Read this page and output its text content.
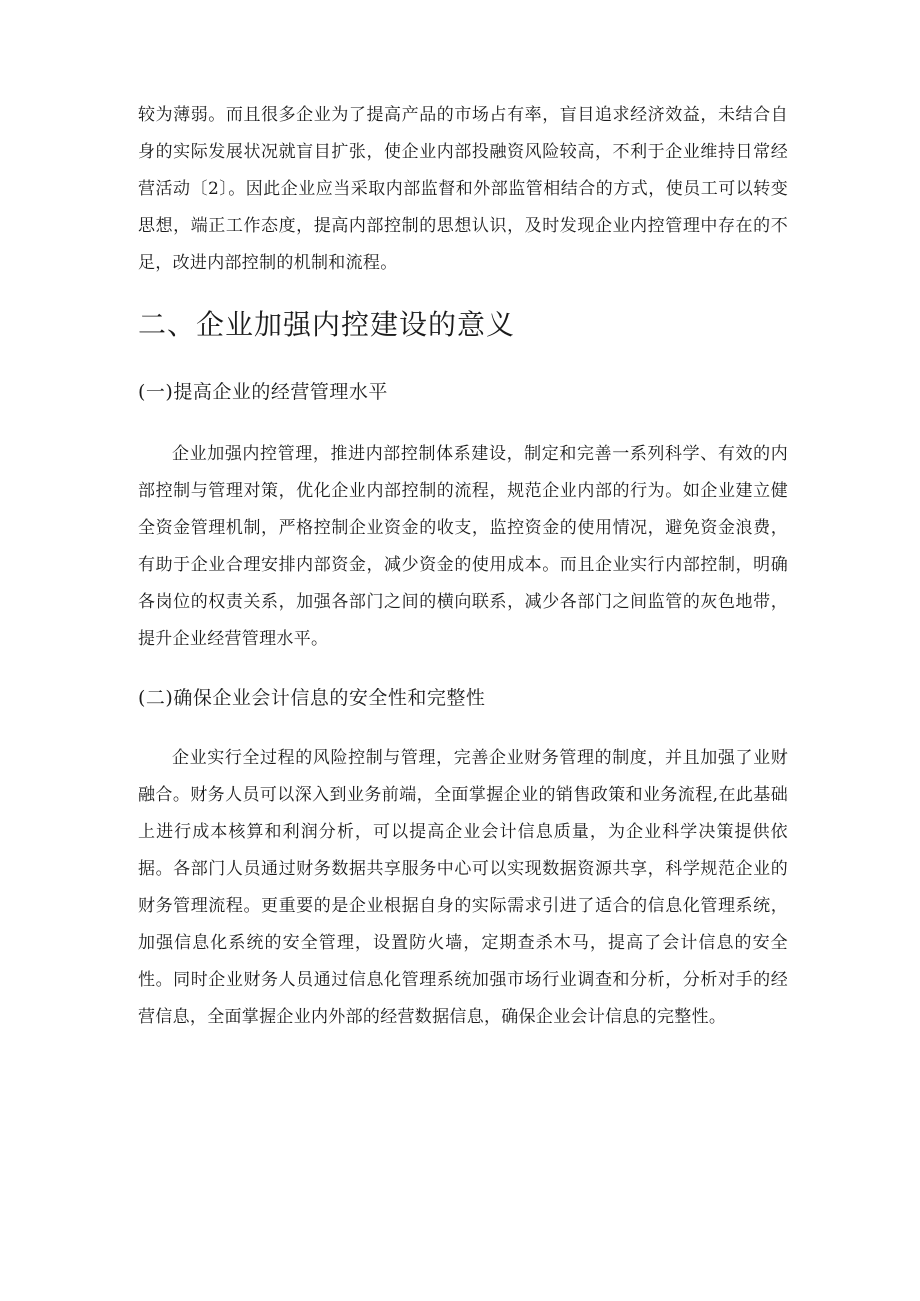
较为薄弱。而且很多企业为了提高产品的市场占有率，盲目追求经济效益，未结合自身的实际发展状况就盲目扩张，使企业内部投融资风险较高，不利于企业维持日常经营活动〔2〕。因此企业应当采取内部监督和外部监管相结合的方式，使员工可以转变思想，端正工作态度，提高内部控制的思想认识，及时发现企业内控管理中存在的不足，改进内部控制的机制和流程。

二、企业加强内控建设的意义
(一)提高企业的经营管理水平

企业加强内控管理，推进内部控制体系建设，制定和完善一系列科学、有效的内部控制与管理对策，优化企业内部控制的流程，规范企业内部的行为。如企业建立健全资金管理机制，严格控制企业资金的收支，监控资金的使用情况，避免资金浪费，有助于企业合理安排内部资金，减少资金的使用成本。而且企业实行内部控制，明确各岗位的权责关系，加强各部门之间的横向联系，减少各部门之间监管的灰色地带，提升企业经营管理水平。

(二)确保企业会计信息的安全性和完整性

企业实行全过程的风险控制与管理，完善企业财务管理的制度，并且加强了业财融合。财务人员可以深入到业务前端，全面掌握企业的销售政策和业务流程,在此基础上进行成本核算和利润分析，可以提高企业会计信息质量，为企业科学决策提供依据。各部门人员通过财务数据共享服务中心可以实现数据资源共享，科学规范企业的财务管理流程。更重要的是企业根据自身的实际需求引进了适合的信息化管理系统，加强信息化系统的安全管理，设置防火墙，定期查杀木马，提高了会计信息的安全性。同时企业财务人员通过信息化管理系统加强市场行业调查和分析，分析对手的经营信息，全面掌握企业内外部的经营数据信息，确保企业会计信息的完整性。
